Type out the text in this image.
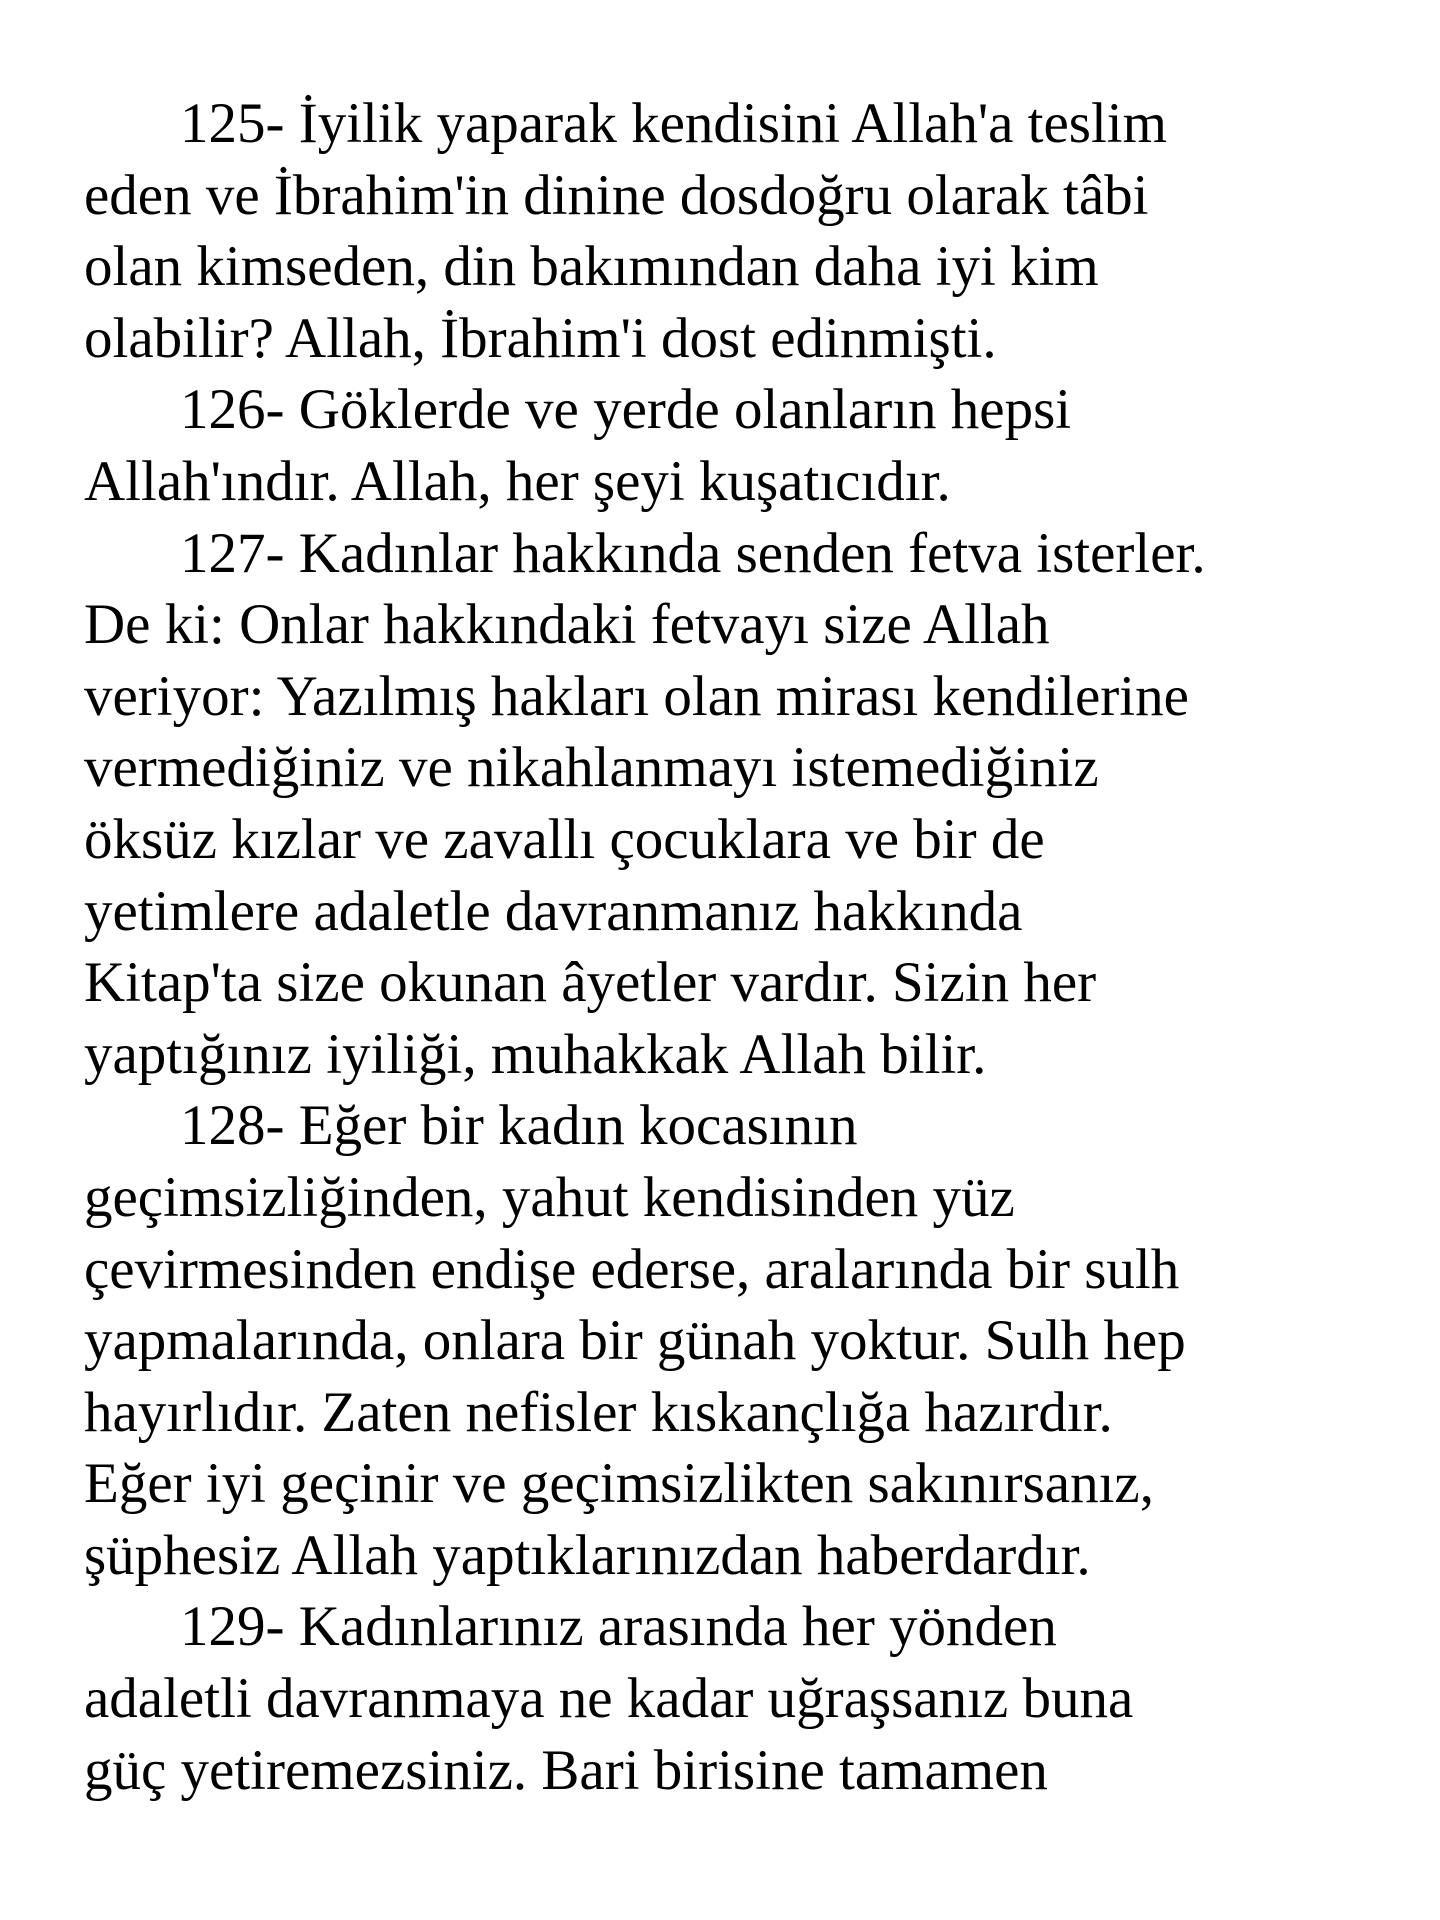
125- İyilik yaparak kendisini Allah'a teslim
eden ve İbrahim'in dinine dosdoğru olarak tâbi
olan kimseden, din bakımından daha iyi kim
olabilir? Allah, İbrahim'i dost edinmişti.
126- Göklerde ve yerde olanların hepsi
Allah'ındır. Allah, her şeyi kuşatıcıdır.
127- Kadınlar hakkında senden fetva isterler.
De ki: Onlar hakkındaki fetvayı size Allah
veriyor: Yazılmış hakları olan mirası kendilerine
vermediğiniz ve nikahlanmayı istemediğiniz
öksüz kızlar ve zavallı çocuklara ve bir de
yetimlere adaletle davranmanız hakkında
Kitap'ta size okunan âyetler vardır. Sizin her
yaptığınız iyiliği, muhakkak Allah bilir.
128- Eğer bir kadın kocasının
geçimsizliğinden, yahut kendisinden yüz
çevirmesinden endişe ederse, aralarında bir sulh
yapmalarında, onlara bir günah yoktur. Sulh hep
hayırlıdır. Zaten nefisler kıskançlığa hazırdır.
Eğer iyi geçinir ve geçimsizlikten sakınırsanız,
şüphesiz Allah yaptıklarınızdan haberdardır.
129- Kadınlarınız arasında her yönden
adaletli davranmaya ne kadar uğraşsanız buna
güç yetiremezsiniz. Bari birisine tamamen
